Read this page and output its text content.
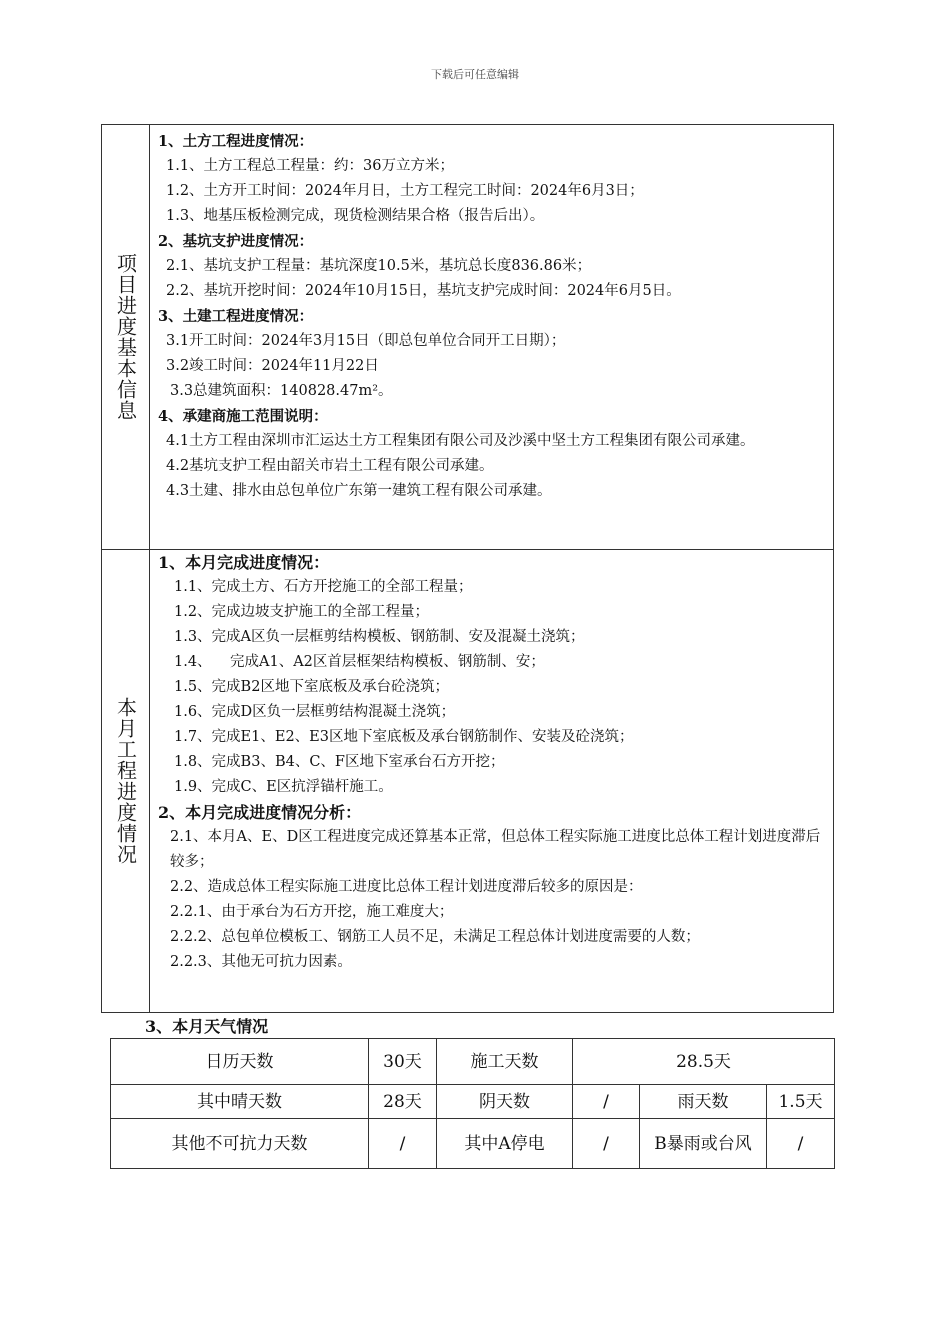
下载后可任意编辑
项目进度基本信息
1、土方工程进度情况：
1.1、土方工程总工程量：约：36万立方米；
1.2、土方开工时间：2024年月日，土方工程完工时间：2024年6月3日；
1.3、地基压板检测完成，现货检测结果合格（报告后出）。
2、基坑支护进度情况：
2.1、基坑支护工程量：基坑深度10.5米，基坑总长度836.86米；
2.2、基坑开挖时间：2024年10月15日，基坑支护完成时间：2024年6月5日。
3、土建工程进度情况：
3.1开工时间：2024年3月15日（即总包单位合同开工日期）；
3.2竣工时间：2024年11月22日
3.3总建筑面积：140828.47m²。
4、承建商施工范围说明：
4.1土方工程由深圳市汇运达土方工程集团有限公司及沙溪中坚土方工程集团有限公司承建。
4.2基坑支护工程由韶关市岩土工程有限公司承建。
4.3土建、排水由总包单位广东第一建筑工程有限公司承建。
本月工程进度情况
1、本月完成进度情况：
1.1、完成土方、石方开挖施工的全部工程量；
1.2、完成边坡支护施工的全部工程量；
1.3、完成A区负一层框剪结构模板、钢筋制、安及混凝土浇筑；
1.4、    完成A1、A2区首层框架结构模板、钢筋制、安；
1.5、完成B2区地下室底板及承台砼浇筑；
1.6、完成D区负一层框剪结构混凝土浇筑；
1.7、完成E1、E2、E3区地下室底板及承台钢筋制作、安装及砼浇筑；
1.8、完成B3、B4、C、F区地下室承台石方开挖；
1.9、完成C、E区抗浮锚杆施工。
2、本月完成进度情况分析：
2.1、本月A、E、D区工程进度完成还算基本正常，但总体工程实际施工进度比总体工程计划进度滞后较多；
2.2、造成总体工程实际施工进度比总体工程计划进度滞后较多的原因是：
2.2.1、由于承台为石方开挖，施工难度大；
2.2.2、总包单位模板工、钢筋工人员不足，未满足工程总体计划进度需要的人数；
2.2.3、其他无可抗力因素。
3、本月天气情况
日历天数	30天	施工天数	28.5天		
其中晴天数	28天	阴天数	/	雨天数	1.5天
其他不可抗力天数	/	其中A停电	/	B暴雨或台风	/
